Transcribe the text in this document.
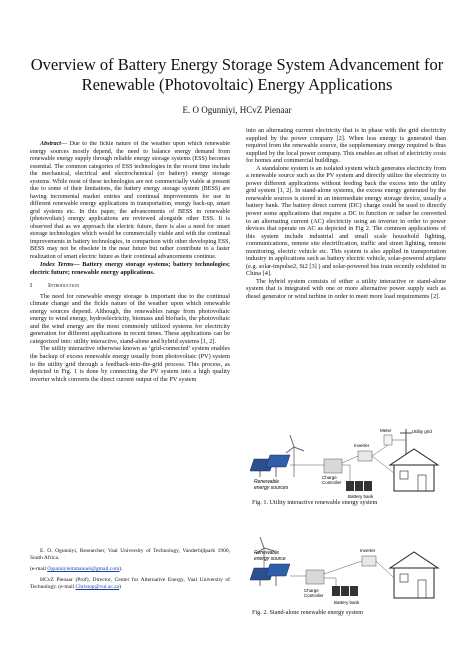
Overview of Battery Energy Storage System Advancement for
Renewable (Photovoltaic) Energy Applications
E. O Ogunniyi, HCvZ Pienaar

Abstract— Due to the fickle nature of the weather upon which renewable energy sources mostly depend, the need to balance energy demand from renewable energy supply through reliable energy storage systems (ESS) becomes essential. The common categories of ESS technologies in the recent time include the mechanical, electrical and electrochemical (or battery) energy storage systems. While most of these technologies are not commercially viable at present due to some of their limitations, the battery energy storage system (BESS) are having incremental market entries and continual improvements for use in different renewable energy applications in transportation, energy back-up, smart grid systems etc. In this paper, the advancements of BESS in renewable (photovoltaic) energy applications are reviewed alongside other ESS. It is observed that as we approach the electric future, there is also a need for smart storage technologies which would be commercially viable and with the continual improvements in battery technologies, in comparison with other developing ESS, BESS may not be obsolete in the near future but rather contribute to a faster realization of smart electric future as their continual advancements continue.

Index Terms— Battery energy storage systems; battery technologies; electric future; renewable energy applications.

I Introduction

The need for renewable energy storage is important due to the continual climate change and the fickle nature of the weather upon which renewable energy sources depend. Although, the renewables range from photovoltaic energy to wind energy, hydroelectricity, biomass and biofuels, the photovoltaic and the wind energy are the most commonly utilized systems for electricity generation for different applications in recent times. These applications can be categorized into: utility interactive, stand-alone and hybrid systems [1, 2].

The utility interactive otherwise known as ‘grid-connected’ system enables the backup of excess renewable energy usually from photovoltaic (PV) system to the utility grid through a feedback-into-the-grid process. This process, as depicted in Fig. 1 is done by connecting the PV system into a high quality inverter which converts the direct current output of the PV system

E. O. Ogunniyi, Researcher, Vaal University of Technology, Vanderbijlpark 1900, South Africa.

(e-mail Ogunniyiemmanuel@gmail.com).

HCvZ Pienaar (Prof), Director, Center for Alternative Energy, Vaal University of Technology. (e-mail Christop@vut.ac.za)

into an alternating current electricity that is in phase with the grid electricity supplied by the power company [2]. When less energy is generated than required from the renewable source, the supplementary energy required is thus supplied by the local power company. This enables an offset of electricity costs for homes and commercial buildings.

A standalone system is an isolated system which generates electricity from a renewable source such as the PV system and directly utilize the electricity to power different applications without feeding back the excess into the utility grid system [1, 2]. In stand-alone systems, the excess energy generated by the renewable sources is stored in an intermediate energy storage device, usually a battery bank. The battery direct current (DC) charge could be used to directly power some applications that require a DC to function or rather be converted to an alternating current (AC) electricity using an inverter in order to power devices that operate on AC as depicted in Fig 2. The common applications of this system include industrial and small scale household lighting, communications, remote site electrification, traffic and street lighting, remote monitoring, electric vehicle etc. This system is also applied in transportation industry in applications such as battery electric vehicle, solar-powered airplane (e.g. solar-impulse2, Si2 [3] ) and solar-powered bus train recently exhibited in China [4].

The hybrid system consists of either a utility interactive or stand-alone system that is integrated with one or more alternative power supply such as diesel generator or wind turbine in order to meet more load requirements [2].

Renewable
energy sources
Charge
Controller
Battery bank
Inverter
Meter	Utility grid
Fig. 1. Utility interactive renewable energy system
Renewable
energy source
Charge
Controller
Battery bank
Inverter
Fig. 2. Stand-alone renewable energy system
